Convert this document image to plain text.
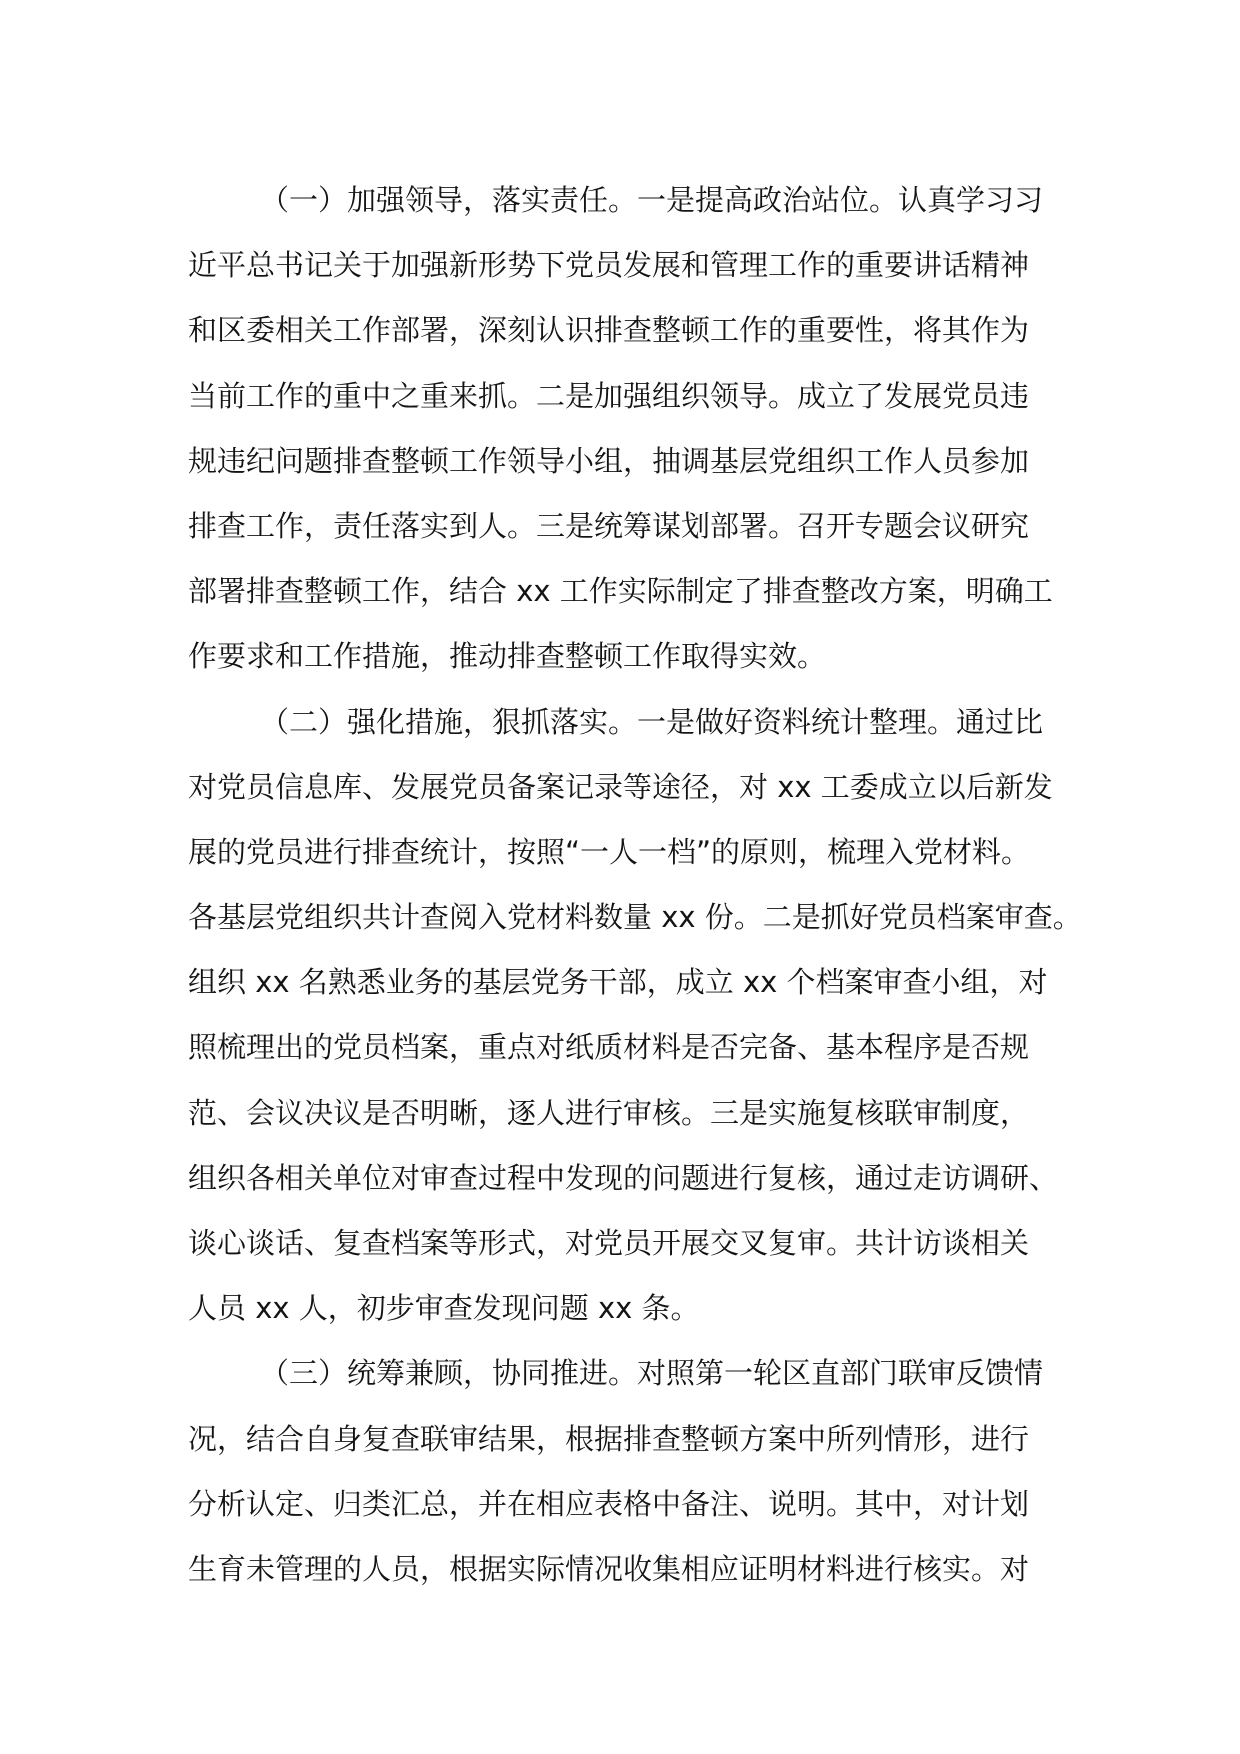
（一）加强领导，落实责任。一是提高政治站位。认真学习习
近平总书记关于加强新形势下党员发展和管理工作的重要讲话精神
和区委相关工作部署，深刻认识排查整顿工作的重要性，将其作为
当前工作的重中之重来抓。二是加强组织领导。成立了发展党员违
规违纪问题排查整顿工作领导小组，抽调基层党组织工作人员参加
排查工作，责任落实到人。三是统筹谋划部署。召开专题会议研究
部署排查整顿工作，结合 xx 工作实际制定了排查整改方案，明确工
作要求和工作措施，推动排查整顿工作取得实效。
（二）强化措施，狠抓落实。一是做好资料统计整理。通过比
对党员信息库、发展党员备案记录等途径，对 xx 工委成立以后新发
展的党员进行排查统计，按照“一人一档”的原则，梳理入党材料。
各基层党组织共计查阅入党材料数量 xx 份。二是抓好党员档案审查。
组织 xx 名熟悉业务的基层党务干部，成立 xx 个档案审查小组，对
照梳理出的党员档案，重点对纸质材料是否完备、基本程序是否规
范、会议决议是否明晰，逐人进行审核。三是实施复核联审制度，
组织各相关单位对审查过程中发现的问题进行复核，通过走访调研、
谈心谈话、复查档案等形式，对党员开展交叉复审。共计访谈相关
人员 xx 人，初步审查发现问题 xx 条。
（三）统筹兼顾，协同推进。对照第一轮区直部门联审反馈情
况，结合自身复查联审结果，根据排查整顿方案中所列情形，进行
分析认定、归类汇总，并在相应表格中备注、说明。其中，对计划
生育未管理的人员，根据实际情况收集相应证明材料进行核实。对
